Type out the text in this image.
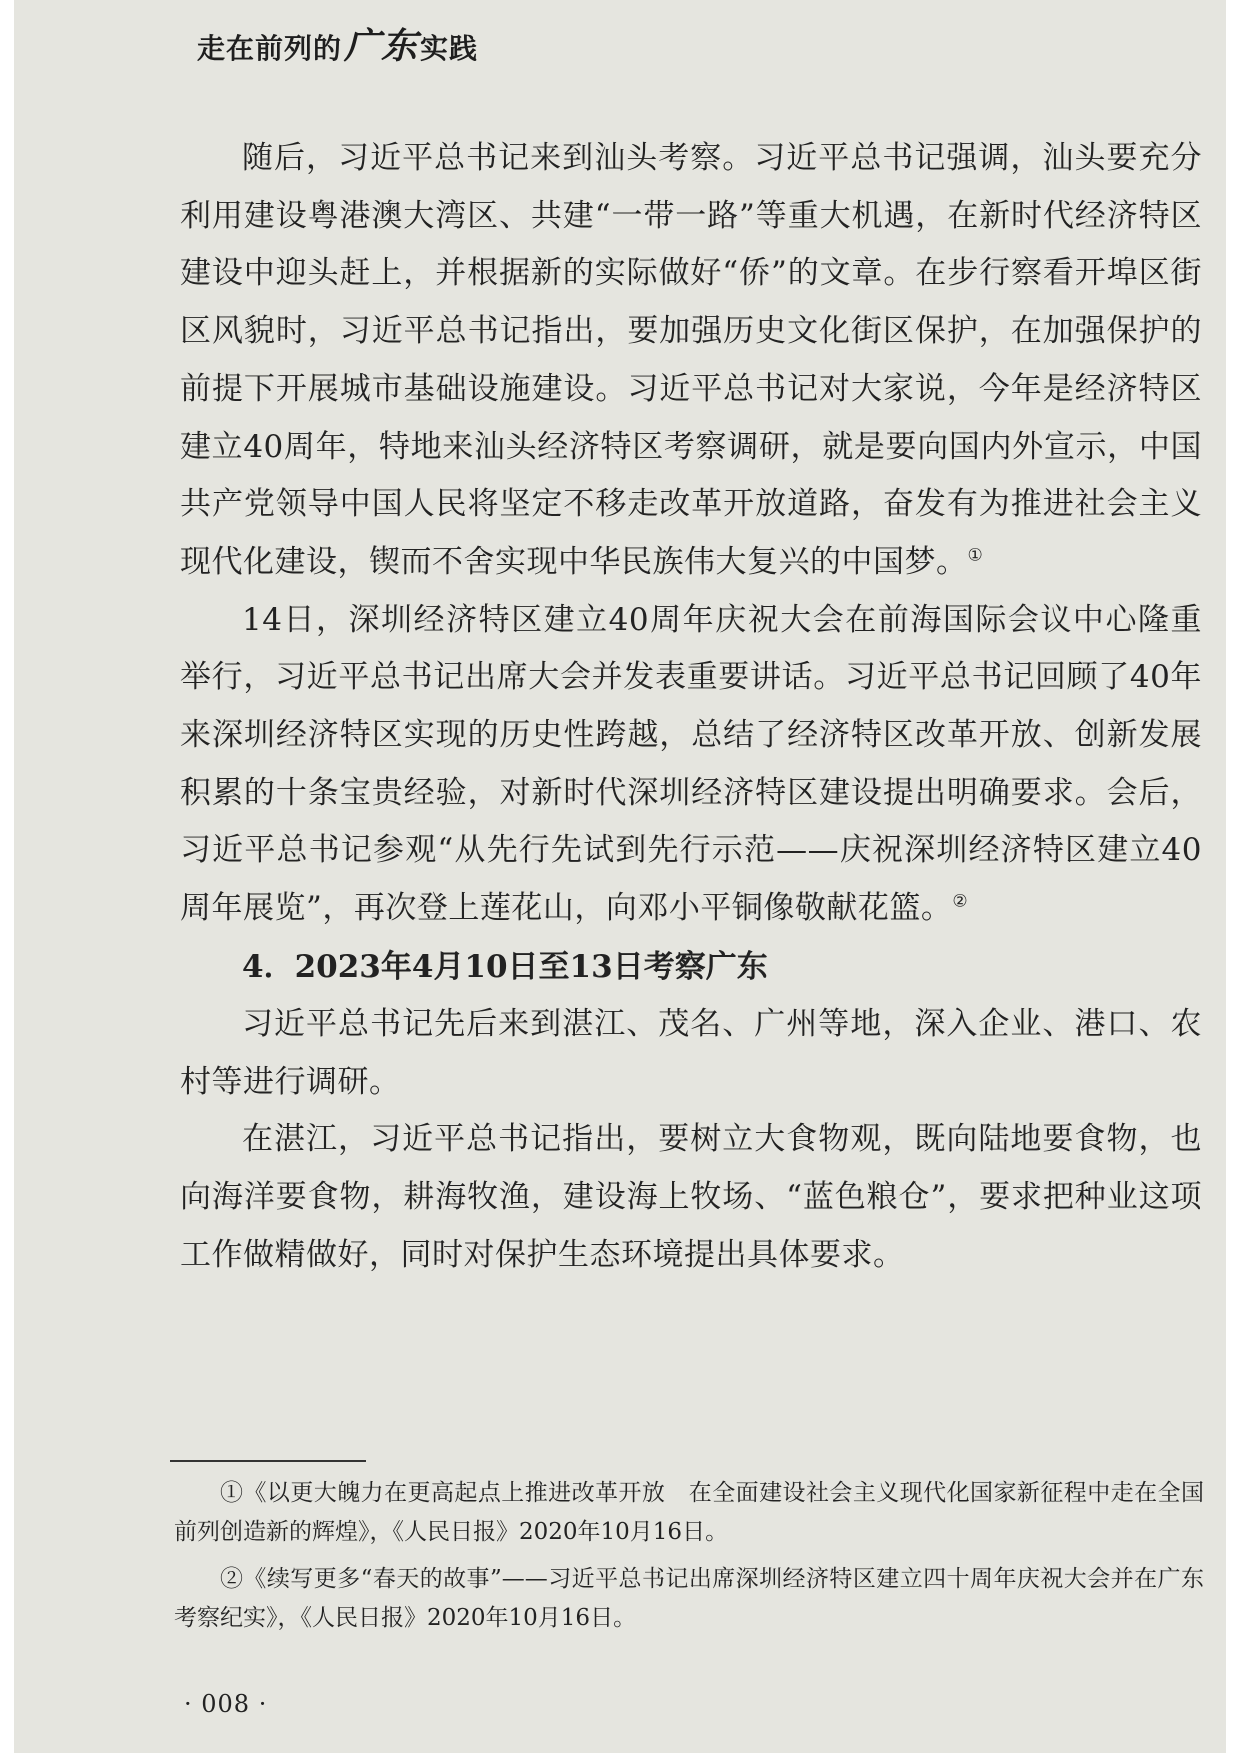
走在前列的广东实践

随后，习近平总书记来到汕头考察。习近平总书记强调，汕头要充分利用建设粤港澳大湾区、共建“一带一路”等重大机遇，在新时代经济特区建设中迎头赶上，并根据新的实际做好“侨”的文章。在步行察看开埠区街区风貌时，习近平总书记指出，要加强历史文化街区保护，在加强保护的前提下开展城市基础设施建设。习近平总书记对大家说，今年是经济特区建立40周年，特地来汕头经济特区考察调研，就是要向国内外宣示，中国共产党领导中国人民将坚定不移走改革开放道路，奋发有为推进社会主义现代化建设，锲而不舍实现中华民族伟大复兴的中国梦。①

14日，深圳经济特区建立40周年庆祝大会在前海国际会议中心隆重举行，习近平总书记出席大会并发表重要讲话。习近平总书记回顾了40年来深圳经济特区实现的历史性跨越，总结了经济特区改革开放、创新发展积累的十条宝贵经验，对新时代深圳经济特区建设提出明确要求。会后，习近平总书记参观“从先行先试到先行示范——庆祝深圳经济特区建立40周年展览”，再次登上莲花山，向邓小平铜像敬献花篮。②

4．2023年4月10日至13日考察广东

习近平总书记先后来到湛江、茂名、广州等地，深入企业、港口、农村等进行调研。

在湛江，习近平总书记指出，要树立大食物观，既向陆地要食物，也向海洋要食物，耕海牧渔，建设海上牧场、“蓝色粮仓”，要求把种业这项工作做精做好，同时对保护生态环境提出具体要求。

①《以更大魄力在更高起点上推进改革开放　在全面建设社会主义现代化国家新征程中走在全国前列创造新的辉煌》，《人民日报》2020年10月16日。

②《续写更多“春天的故事”——习近平总书记出席深圳经济特区建立四十周年庆祝大会并在广东考察纪实》，《人民日报》2020年10月16日。

· 008 ·
